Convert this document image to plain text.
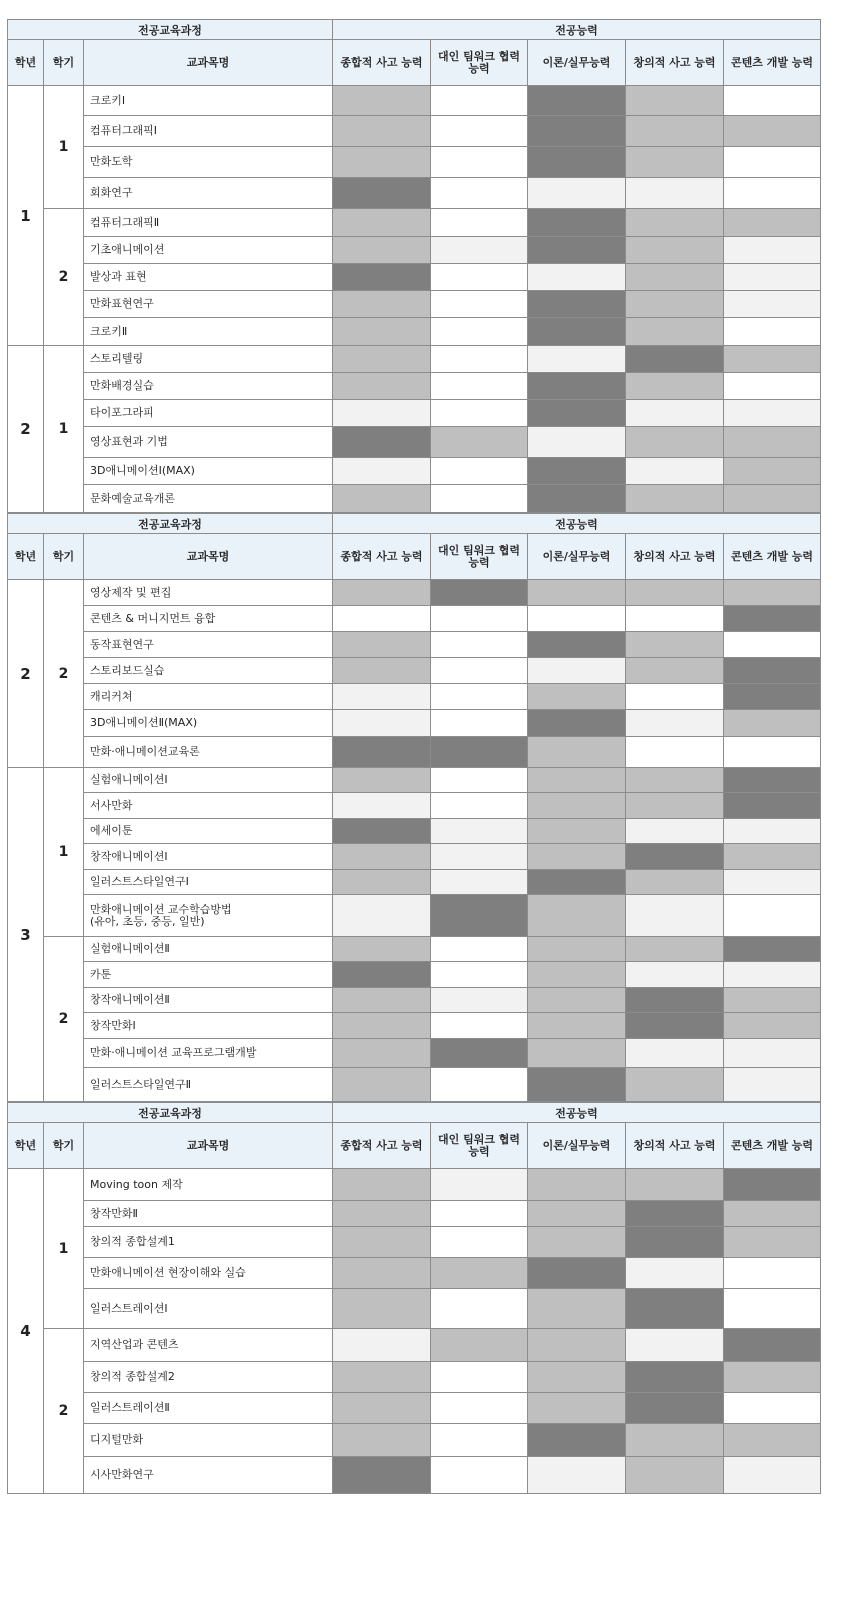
전공교육과정			전공능력				
학년	학기	교과목명	종합적 사고 능력	대인 팀워크 협력 능력	이론/실무능력	창의적 사고 능력	콘텐츠 개발 능력
1	1	크로키Ⅰ					
		컴퓨터그래픽Ⅰ					
		만화도학					
		회화연구					
	2	컴퓨터그래픽Ⅱ					
		기초애니메이션					
		발상과 표현					
		만화표현연구					
		크로키Ⅱ					
2	1	스토리텔링					
		만화배경실습					
		타이포그라피					
		영상표현과 기법					
		3D애니메이션Ⅰ(MAX)					
		문화예술교육개론					
전공교육과정			전공능력				
학년	학기	교과목명	종합적 사고 능력	대인 팀워크 협력 능력	이론/실무능력	창의적 사고 능력	콘텐츠 개발 능력
2	2	영상제작 및 편집					
		콘텐츠 & 머니지먼트 융합					
		동작표현연구					
		스토리보드실습					
		캐리커쳐					
		3D애니메이션Ⅱ(MAX)					
		만화·애니메이션교육론					
3	1	실험애니메이션Ⅰ					
		서사만화					
		에세이툰					
		창작애니메이션Ⅰ					
		일러스트스타일연구Ⅰ					
		만화애니메이션 교수학습방법
(유아, 초등, 중등, 일반)					
	2	실험애니메이션Ⅱ					
		카툰					
		창작애니메이션Ⅱ					
		창작만화Ⅰ					
		만화·애니메이션 교육프로그램개발					
		일러스트스타일연구Ⅱ					
전공교육과정			전공능력				
학년	학기	교과목명	종합적 사고 능력	대인 팀워크 협력 능력	이론/실무능력	창의적 사고 능력	콘텐츠 개발 능력
4	1	Moving toon 제작					
		창작만화Ⅱ					
		창의적 종합설계1					
		만화애니메이션 현장이해와 실습					
		일러스트레이션Ⅰ					
	2	지역산업과 콘텐츠					
		창의적 종합설계2					
		일러스트레이션Ⅱ					
		디지털만화					
		시사만화연구					
